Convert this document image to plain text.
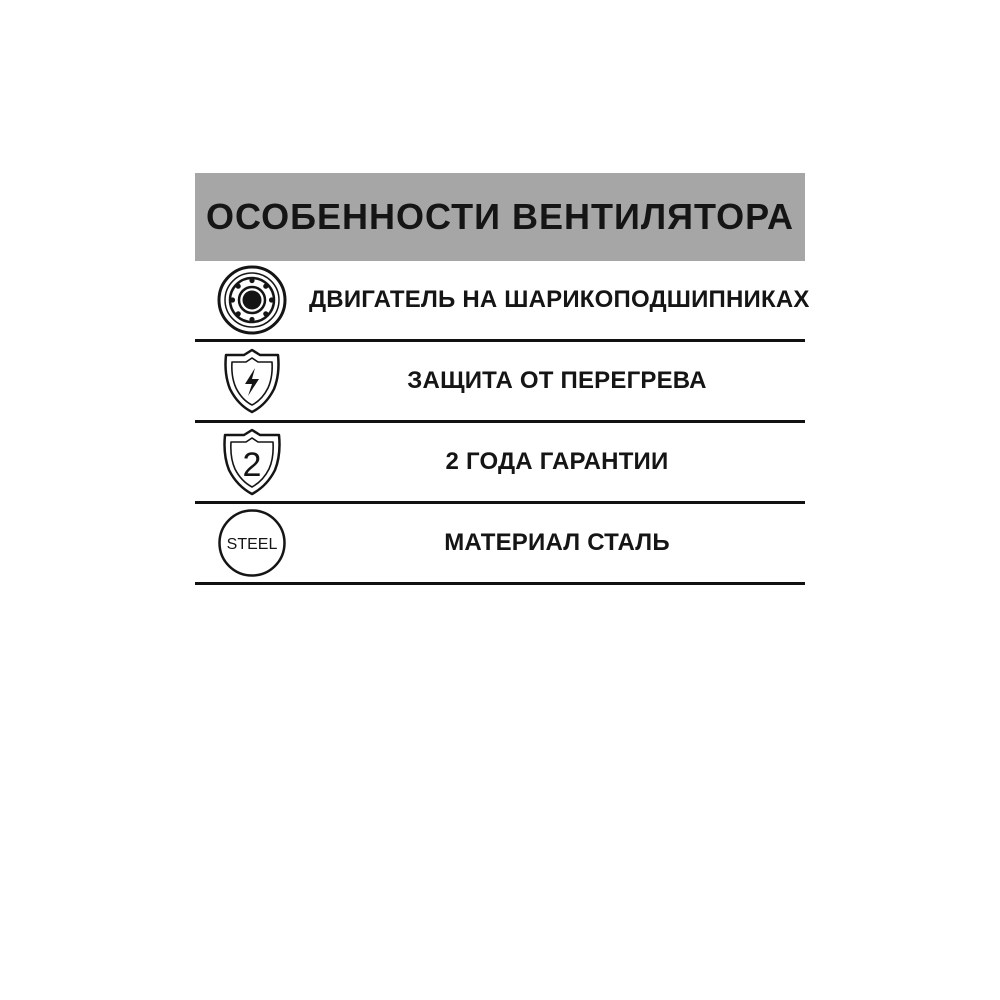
ОСОБЕННОСТИ ВЕНТИЛЯТОРА
ДВИГАТЕЛЬ НА ШАРИКОПОДШИПНИКАХ
ЗАЩИТА ОТ ПЕРЕГРЕВА
2	2 ГОДА ГАРАНТИИ
STEEL	МАТЕРИАЛ СТАЛЬ
